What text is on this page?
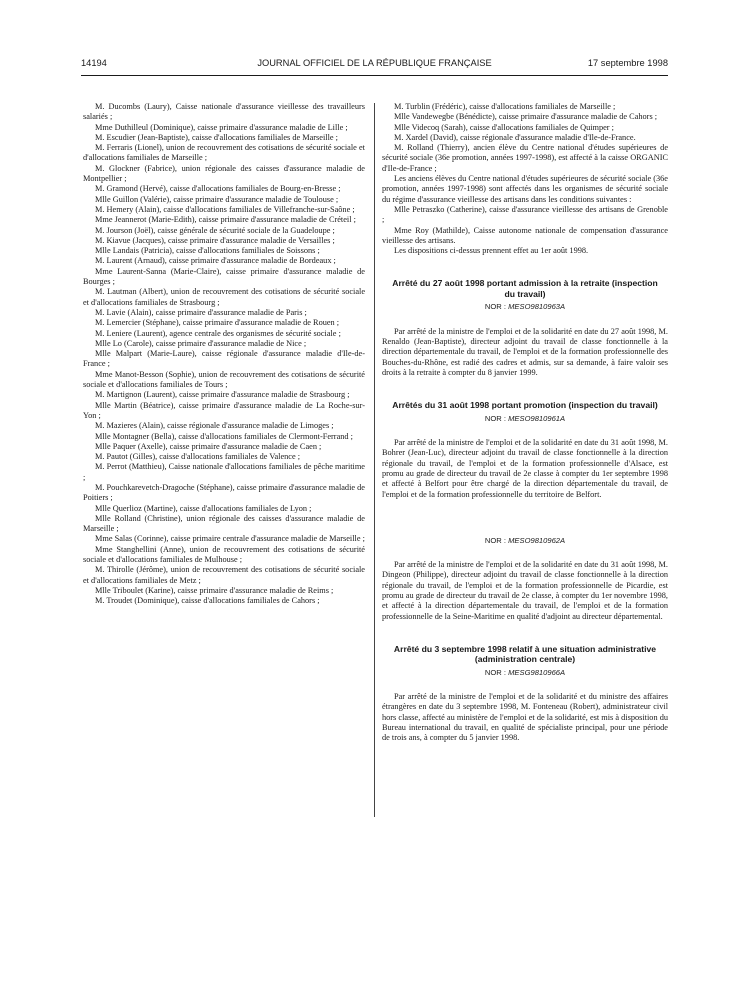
14194	JOURNAL OFFICIEL DE LA RÉPUBLIQUE FRANÇAISE	17 septembre 1998

M. Ducombs (Laury), Caisse nationale d'assurance vieillesse des travailleurs salariés ;

Mme Duthilleul (Dominique), caisse primaire d'assurance maladie de Lille ;

M. Escudier (Jean-Baptiste), caisse d'allocations familiales de Marseille ;

M. Ferraris (Lionel), union de recouvrement des cotisations de sécurité sociale et d'allocations familiales de Marseille ;

M. Glockner (Fabrice), union régionale des caisses d'assurance maladie de Montpellier ;

M. Gramond (Hervé), caisse d'allocations familiales de Bourg-en-Bresse ;

Mlle Guillon (Valérie), caisse primaire d'assurance maladie de Toulouse ;

M. Hemery (Alain), caisse d'allocations familiales de Villefranche-sur-Saône ;

Mme Jeannerot (Marie-Edith), caisse primaire d'assurance maladie de Créteil ;

M. Jourson (Joël), caisse générale de sécurité sociale de la Guadeloupe ;

M. Kiavue (Jacques), caisse primaire d'assurance maladie de Versailles ;

Mlle Landais (Patricia), caisse d'allocations familiales de Soissons ;

M. Laurent (Arnaud), caisse primaire d'assurance maladie de Bordeaux ;

Mme Laurent-Sanna (Marie-Claire), caisse primaire d'assurance maladie de Bourges ;

M. Lautman (Albert), union de recouvrement des cotisations de sécurité sociale et d'allocations familiales de Strasbourg ;

M. Lavie (Alain), caisse primaire d'assurance maladie de Paris ;

M. Lemercier (Stéphane), caisse primaire d'assurance maladie de Rouen ;

M. Leniere (Laurent), agence centrale des organismes de sécurité sociale ;

Mlle Lo (Carole), caisse primaire d'assurance maladie de Nice ;

Mlle Malpart (Marie-Laure), caisse régionale d'assurance maladie d'Ile-de-France ;

Mme Manot-Besson (Sophie), union de recouvrement des cotisations de sécurité sociale et d'allocations familiales de Tours ;

M. Martignon (Laurent), caisse primaire d'assurance maladie de Strasbourg ;

Mlle Martin (Béatrice), caisse primaire d'assurance maladie de La Roche-sur-Yon ;

M. Mazieres (Alain), caisse régionale d'assurance maladie de Limoges ;

Mlle Montagner (Bella), caisse d'allocations familiales de Clermont-Ferrand ;

Mlle Paquer (Axelle), caisse primaire d'assurance maladie de Caen ;

M. Pautot (Gilles), caisse d'allocations familiales de Valence ;

M. Perrot (Matthieu), Caisse nationale d'allocations familiales de pêche maritime ;

M. Pouchkarevetch-Dragoche (Stéphane), caisse primaire d'assurance maladie de Poitiers ;

Mlle Querlioz (Martine), caisse d'allocations familiales de Lyon ;

Mlle Rolland (Christine), union régionale des caisses d'assurance maladie de Marseille ;

Mme Salas (Corinne), caisse primaire centrale d'assurance maladie de Marseille ;

Mme Stanghellini (Anne), union de recouvrement des cotisations de sécurité sociale et d'allocations familiales de Mulhouse ;

M. Thirolle (Jérôme), union de recouvrement des cotisations de sécurité sociale et d'allocations familiales de Metz ;

Mlle Triboulet (Karine), caisse primaire d'assurance maladie de Reims ;

M. Troudet (Dominique), caisse d'allocations familiales de Cahors ;

M. Turblin (Frédéric), caisse d'allocations familiales de Marseille ;

Mlle Vandewegbe (Bénédicte), caisse primaire d'assurance maladie de Cahors ;

Mlle Videcoq (Sarah), caisse d'allocations familiales de Quimper ;

M. Xardel (David), caisse régionale d'assurance maladie d'Ile-de-France.

M. Rolland (Thierry), ancien élève du Centre national d'études supérieures de sécurité sociale (36e promotion, années 1997-1998), est affecté à la caisse ORGANIC d'Ile-de-France ;

Les anciens élèves du Centre national d'études supérieures de sécurité sociale (36e promotion, années 1997-1998) sont affectés dans les organismes de sécurité sociale du régime d'assurance vieillesse des artisans dans les conditions suivantes :

Mlle Petraszko (Catherine), caisse d'assurance vieillesse des artisans de Grenoble ;

Mme Roy (Mathilde), Caisse autonome nationale de compensation d'assurance vieillesse des artisans.

Les dispositions ci-dessus prennent effet au 1er août 1998.

Arrêté du 27 août 1998 portant admission à la retraite (inspection du travail)

NOR : MESO9810963A

Par arrêté de la ministre de l'emploi et de la solidarité en date du 27 août 1998, M. Renaldo (Jean-Baptiste), directeur adjoint du travail de classe fonctionnelle à la direction départementale du travail, de l'emploi et de la formation professionnelle des Bouches-du-Rhône, est radié des cadres et admis, sur sa demande, à faire valoir ses droits à la retraite à compter du 8 janvier 1999.

Arrêtés du 31 août 1998 portant promotion (inspection du travail)

NOR : MESO9810961A

Par arrêté de la ministre de l'emploi et de la solidarité en date du 31 août 1998, M. Bohrer (Jean-Luc), directeur adjoint du travail de classe fonctionnelle à la direction régionale du travail, de l'emploi et de la formation professionnelle d'Alsace, est promu au grade de directeur du travail de 2e classe à compter du 1er septembre 1998 et affecté à Belfort pour être chargé de la direction départementale du travail, de l'emploi et de la formation professionnelle du territoire de Belfort.

NOR : MESO9810962A

Par arrêté de la ministre de l'emploi et de la solidarité en date du 31 août 1998, M. Dingeon (Philippe), directeur adjoint du travail de classe fonctionnelle à la direction régionale du travail, de l'emploi et de la formation professionnelle de Picardie, est promu au grade de directeur du travail de 2e classe, à compter du 1er novembre 1998, et affecté à la direction départementale du travail, de l'emploi et de la formation professionnelle de la Seine-Maritime en qualité d'adjoint au directeur départemental.

Arrêté du 3 septembre 1998 relatif à une situation administrative (administration centrale)

NOR : MESG9810966A

Par arrêté de la ministre de l'emploi et de la solidarité et du ministre des affaires étrangères en date du 3 septembre 1998, M. Fonteneau (Robert), administrateur civil hors classe, affecté au ministère de l'emploi et de la solidarité, est mis à disposition du Bureau international du travail, en qualité de spécialiste principal, pour une période de trois ans, à compter du 5 janvier 1998.
